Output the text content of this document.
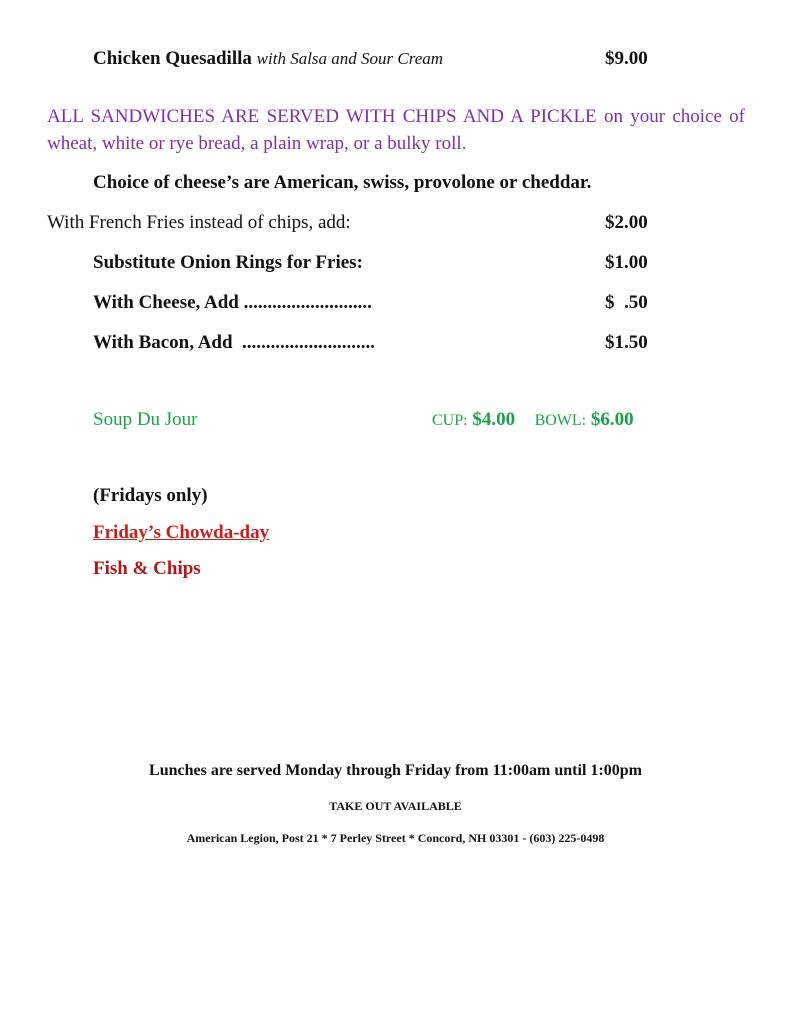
Chicken Quesadilla with Salsa and Sour Cream	$9.00
ALL SANDWICHES ARE SERVED WITH CHIPS AND A PICKLE on your choice of wheat, white or rye bread, a plain wrap, or a bulky roll.
Choice of cheese’s are American, swiss, provolone or cheddar.
With French Fries instead of chips, add:	$2.00
Substitute Onion Rings for Fries:	$1.00
With Cheese, Add ...........................	$  .50
With Bacon, Add  ............................	$1.50
Soup Du Jour	CUP: $4.00 BOWL: $6.00
(Fridays only)
Friday’s Chowda-day
Fish & Chips
Lunches are served Monday through Friday from 11:00am until 1:00pm
TAKE OUT AVAILABLE
American Legion, Post 21 * 7 Perley Street * Concord, NH 03301 - (603) 225-0498
